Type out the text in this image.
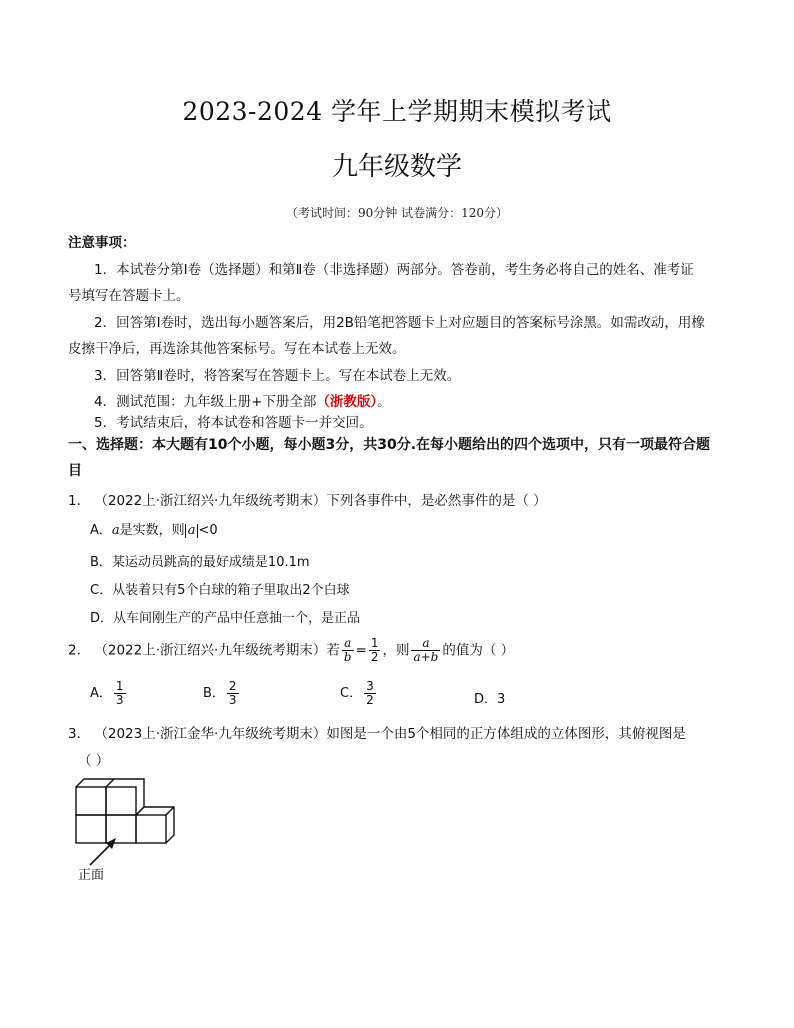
2023-2024 学年上学期期末模拟考试
九年级数学
（考试时间：90分钟 试卷满分：120分）
注意事项：
1．本试卷分第Ⅰ卷（选择题）和第Ⅱ卷（非选择题）两部分。答卷前，考生务必将自己的姓名、准考证
号填写在答题卡上。
2．回答第Ⅰ卷时，选出每小题答案后，用2B铅笔把答题卡上对应题目的答案标号涂黑。如需改动，用橡
皮擦干净后，再选涂其他答案标号。写在本试卷上无效。
3．回答第Ⅱ卷时，将答案写在答题卡上。写在本试卷上无效。
4．测试范围：九年级上册+下册全部（浙教版）。
5．考试结束后，将本试卷和答题卡一并交回。
一、选择题：本大题有10个小题，每小题3分，共30分.在每小题给出的四个选项中，只有一项最符合题
目
1． （2022上·浙江绍兴·九年级统考期末）下列各事件中，是必然事件的是（ ）
A．a是实数，则 a <0
B．某运动员跳高的最好成绩是10.1m
C．从装着只有5个白球的箱子里取出2个白球
D．从车间刚生产的产品中任意抽一个，是正品
2． （2022上·浙江绍兴·九年级统考期末）若 $\frac{a}{b} = \frac{1}{2}$ ，则 $\frac{a}{a+b}$ 的值为（ ）
A． $\frac{1}{3}$	B． $\frac{2}{3}$	C． $\frac{3}{2}$	D．3
3． （2023上·浙江金华·九年级统考期末）如图是一个由5个相同的正方体组成的立体图形，其俯视图是
（ ）
正面
